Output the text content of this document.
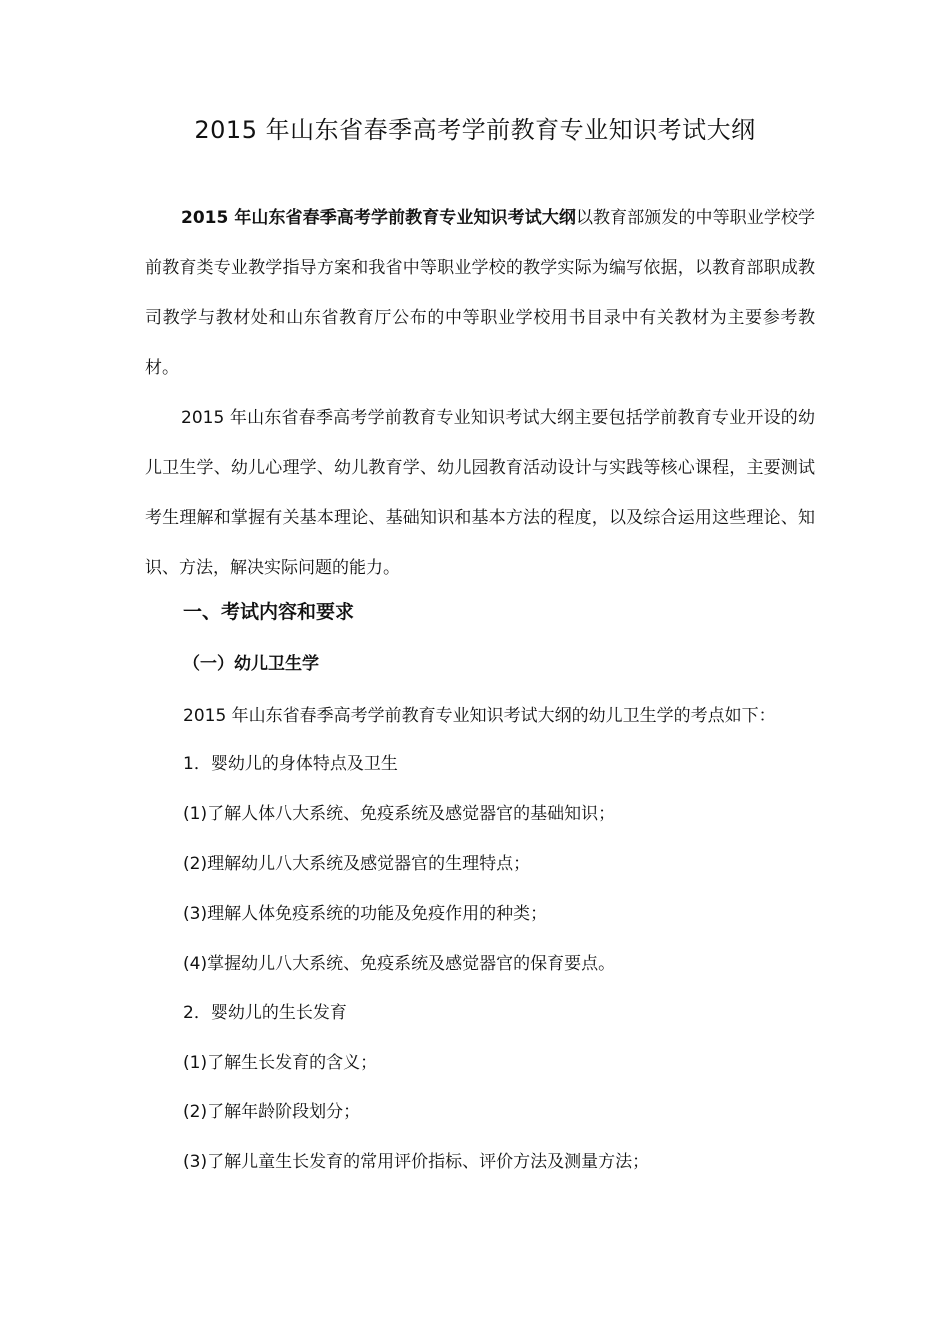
2015 年山东省春季高考学前教育专业知识考试大纲
2015 年山东省春季高考学前教育专业知识考试大纲以教育部颁发的中等职业学校学前教育类专业教学指导方案和我省中等职业学校的教学实际为编写依据，以教育部职成教司教学与教材处和山东省教育厅公布的中等职业学校用书目录中有关教材为主要参考教材。
2015 年山东省春季高考学前教育专业知识考试大纲主要包括学前教育专业开设的幼儿卫生学、幼儿心理学、幼儿教育学、幼儿园教育活动设计与实践等核心课程，主要测试考生理解和掌握有关基本理论、基础知识和基本方法的程度，以及综合运用这些理论、知识、方法，解决实际问题的能力。
一、考试内容和要求
（一）幼儿卫生学
2015 年山东省春季高考学前教育专业知识考试大纲的幼儿卫生学的考点如下：
1．婴幼儿的身体特点及卫生
(1)了解人体八大系统、免疫系统及感觉器官的基础知识；
(2)理解幼儿八大系统及感觉器官的生理特点；
(3)理解人体免疫系统的功能及免疫作用的种类；
(4)掌握幼儿八大系统、免疫系统及感觉器官的保育要点。
2．婴幼儿的生长发育
(1)了解生长发育的含义；
(2)了解年龄阶段划分；
(3)了解儿童生长发育的常用评价指标、评价方法及测量方法；
